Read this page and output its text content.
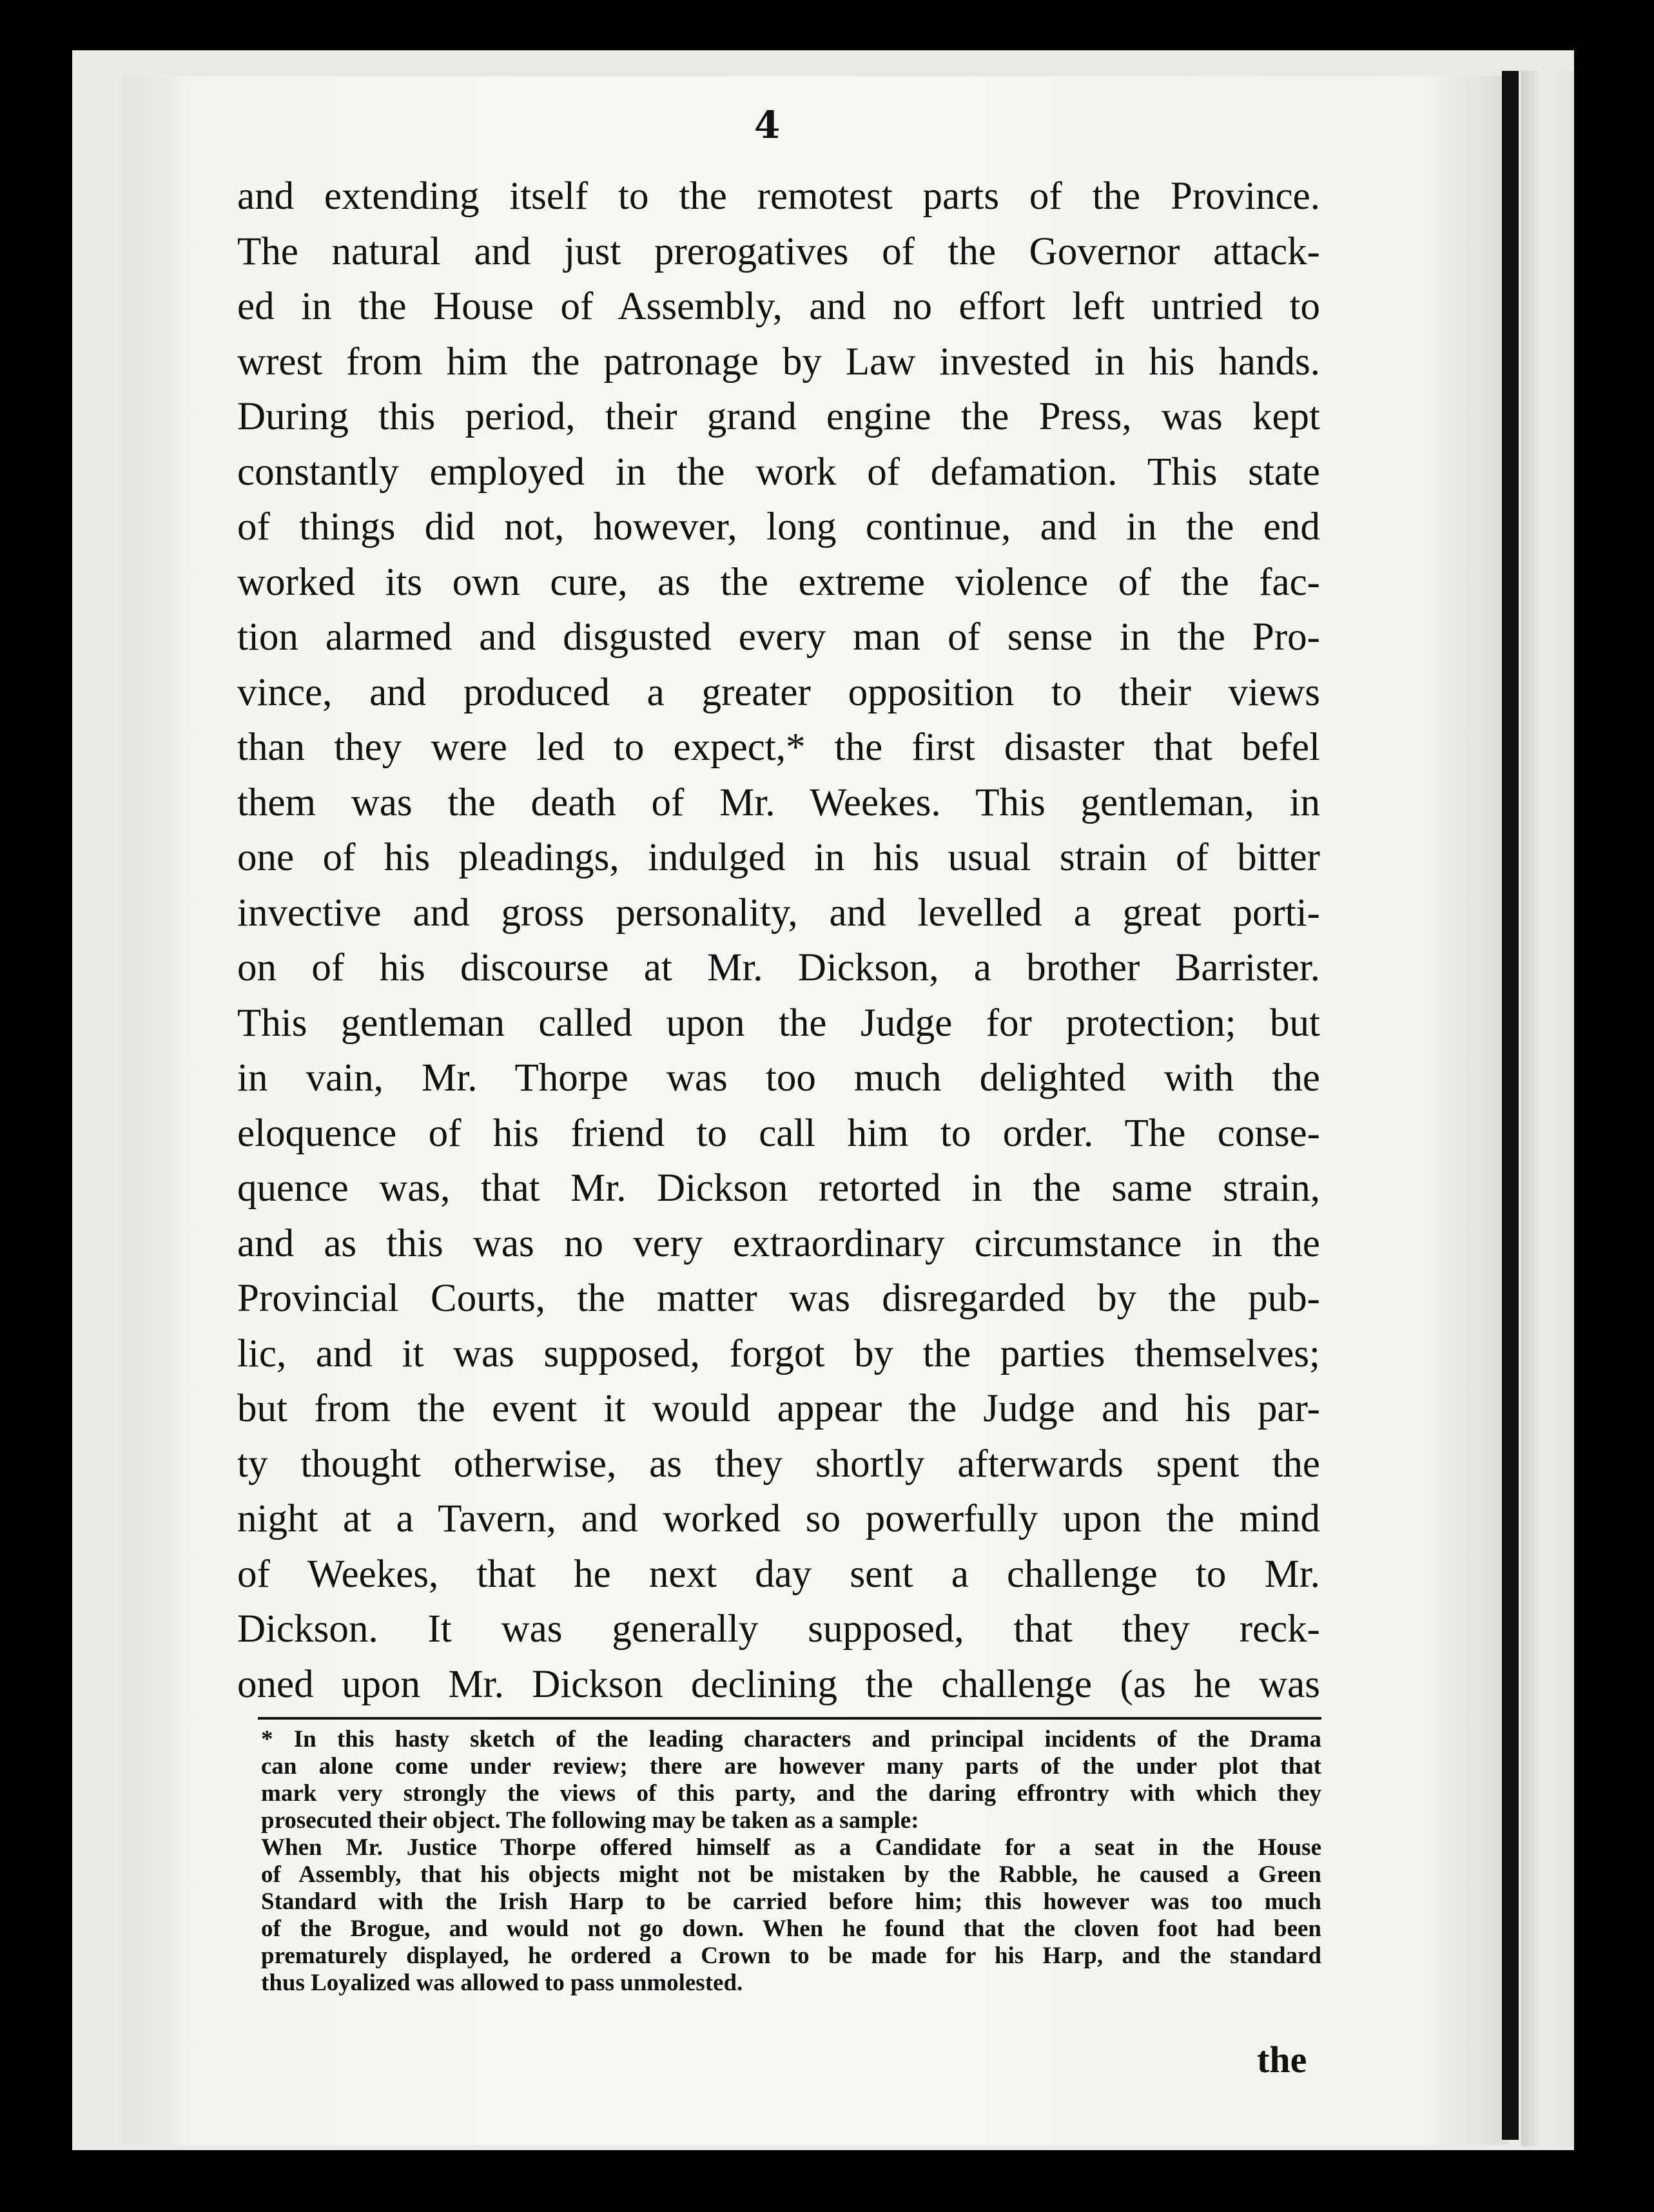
4
and extending itself to the remotest parts of the Province.
The natural and just prerogatives of the Governor attack-
ed in the House of Assembly, and no effort left untried to
wrest from him the patronage by Law invested in his hands.
During this period, their grand engine the Press, was kept
constantly employed in the work of defamation. This state
of things did not, however, long continue, and in the end
worked its own cure, as the extreme violence of the fac-
tion alarmed and disgusted every man of sense in the Pro-
vince, and produced a greater opposition to their views
than they were led to expect,* the first disaster that befel
them was the death of Mr. Weekes. This gentleman, in
one of his pleadings, indulged in his usual strain of bitter
invective and gross personality, and levelled a great porti-
on of his discourse at Mr. Dickson, a brother Barrister.
This gentleman called upon the Judge for protection; but
in vain, Mr. Thorpe was too much delighted with the
eloquence of his friend to call him to order. The conse-
quence was, that Mr. Dickson retorted in the same strain,
and as this was no very extraordinary circumstance in the
Provincial Courts, the matter was disregarded by the pub-
lic, and it was supposed, forgot by the parties themselves;
but from the event it would appear the Judge and his par-
ty thought otherwise, as they shortly afterwards spent the
night at a Tavern, and worked so powerfully upon the mind
of Weekes, that he next day sent a challenge to Mr.
Dickson. It was generally supposed, that they reck-
oned upon Mr. Dickson declining the challenge (as he was
* In this hasty sketch of the leading characters and principal incidents of the Drama
can alone come under review; there are however many parts of the under plot that
mark very strongly the views of this party, and the daring effrontry with which they
prosecuted their object. The following may be taken as a sample:
When Mr. Justice Thorpe offered himself as a Candidate for a seat in the House
of Assembly, that his objects might not be mistaken by the Rabble, he caused a Green
Standard with the Irish Harp to be carried before him; this however was too much
of the Brogue, and would not go down. When he found that the cloven foot had been
prematurely displayed, he ordered a Crown to be made for his Harp, and the standard
thus Loyalized was allowed to pass unmolested.
the
